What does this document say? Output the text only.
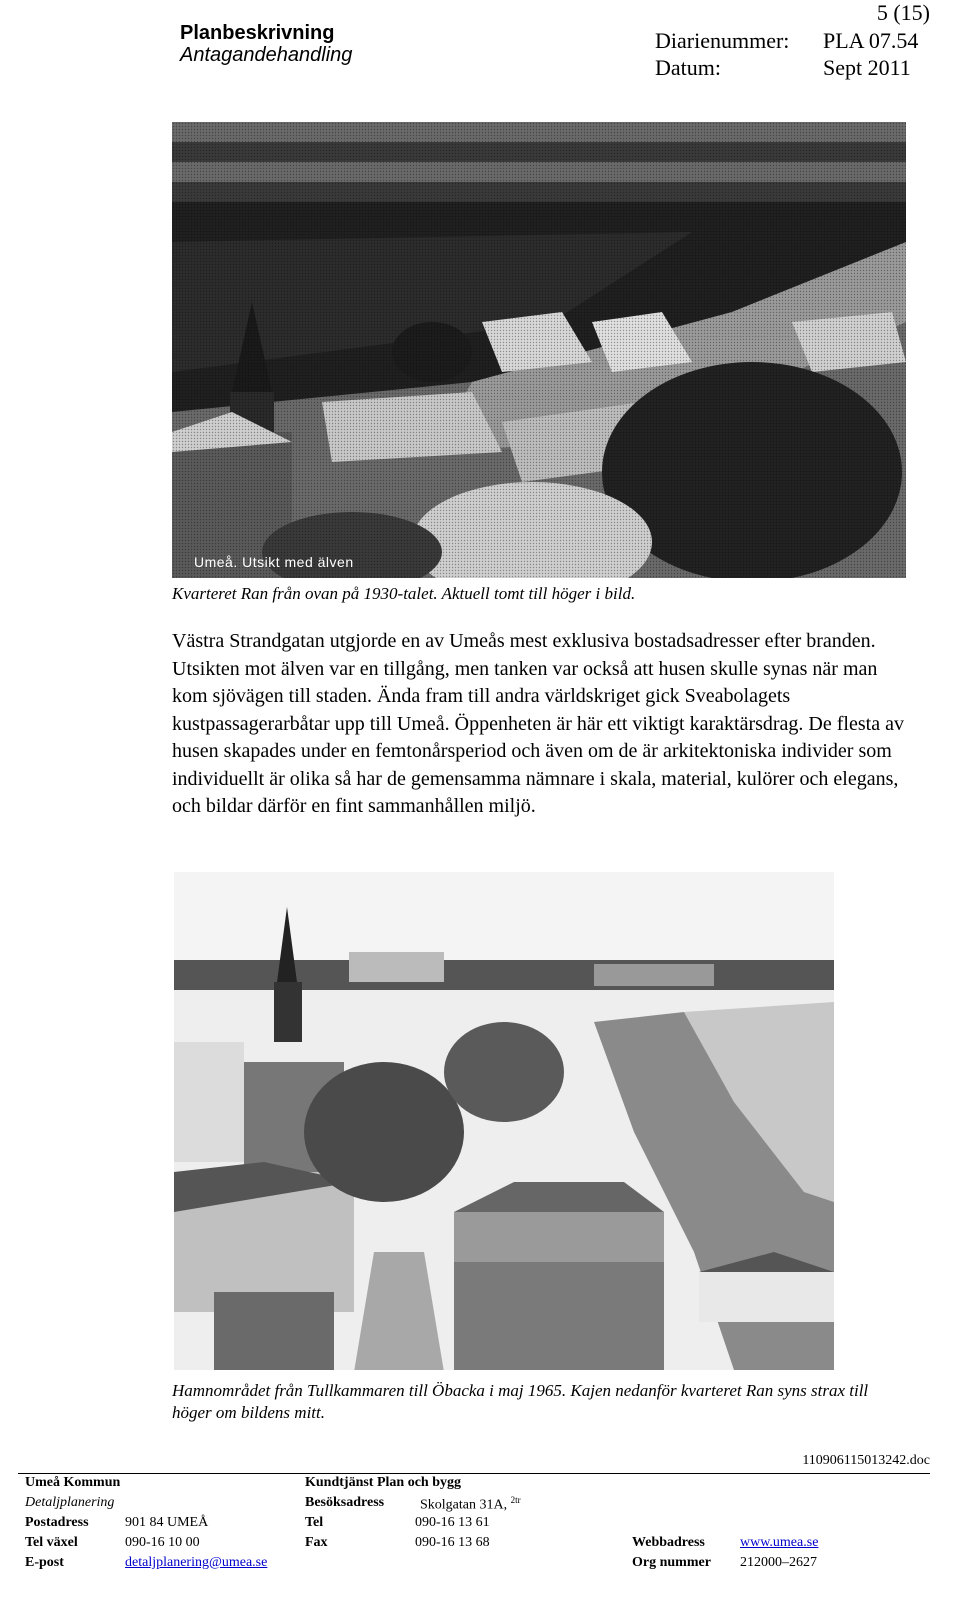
Planbeskrivning
Antagandehandling
5 (15)
Diarienummer: PLA 07.54
Datum:	Sept 2011
Umeå. Utsikt med älven
Kvarteret Ran från ovan på 1930-talet. Aktuell tomt till höger i bild.

Västra Strandgatan utgjorde en av Umeås mest exklusiva bostadsadresser efter branden. Utsikten mot älven var en tillgång, men tanken var också att husen skulle synas när man kom sjövägen till staden. Ända fram till andra världskriget gick Sveabolagets kustpassagerarbåtar upp till Umeå. Öppenheten är här ett viktigt karaktärsdrag. De flesta av husen skapades under en femtonårsperiod och även om de är arkitektoniska individer som individuellt är olika så har de gemensamma nämnare i skala, material, kulörer och elegans, och bildar därför en fint sammanhållen miljö.

Hamnområdet från Tullkammaren till Öbacka i maj 1965. Kajen nedanför kvarteret Ran syns strax till höger om bildens mitt.
110906115013242.doc
Umeå Kommun
Detaljplanering
Postadress	901 84 UMEÅ
Tel växel	090-16 10 00
E-post	detaljplanering@umea.se
Kundtjänst Plan och bygg
Besöksadress	Skolgatan 31A, $^{2tr}$
Tel	090-16 13 61
Fax	090-16 13 68	Webbadress	www.umea.se
Org nummer 212000–2627
